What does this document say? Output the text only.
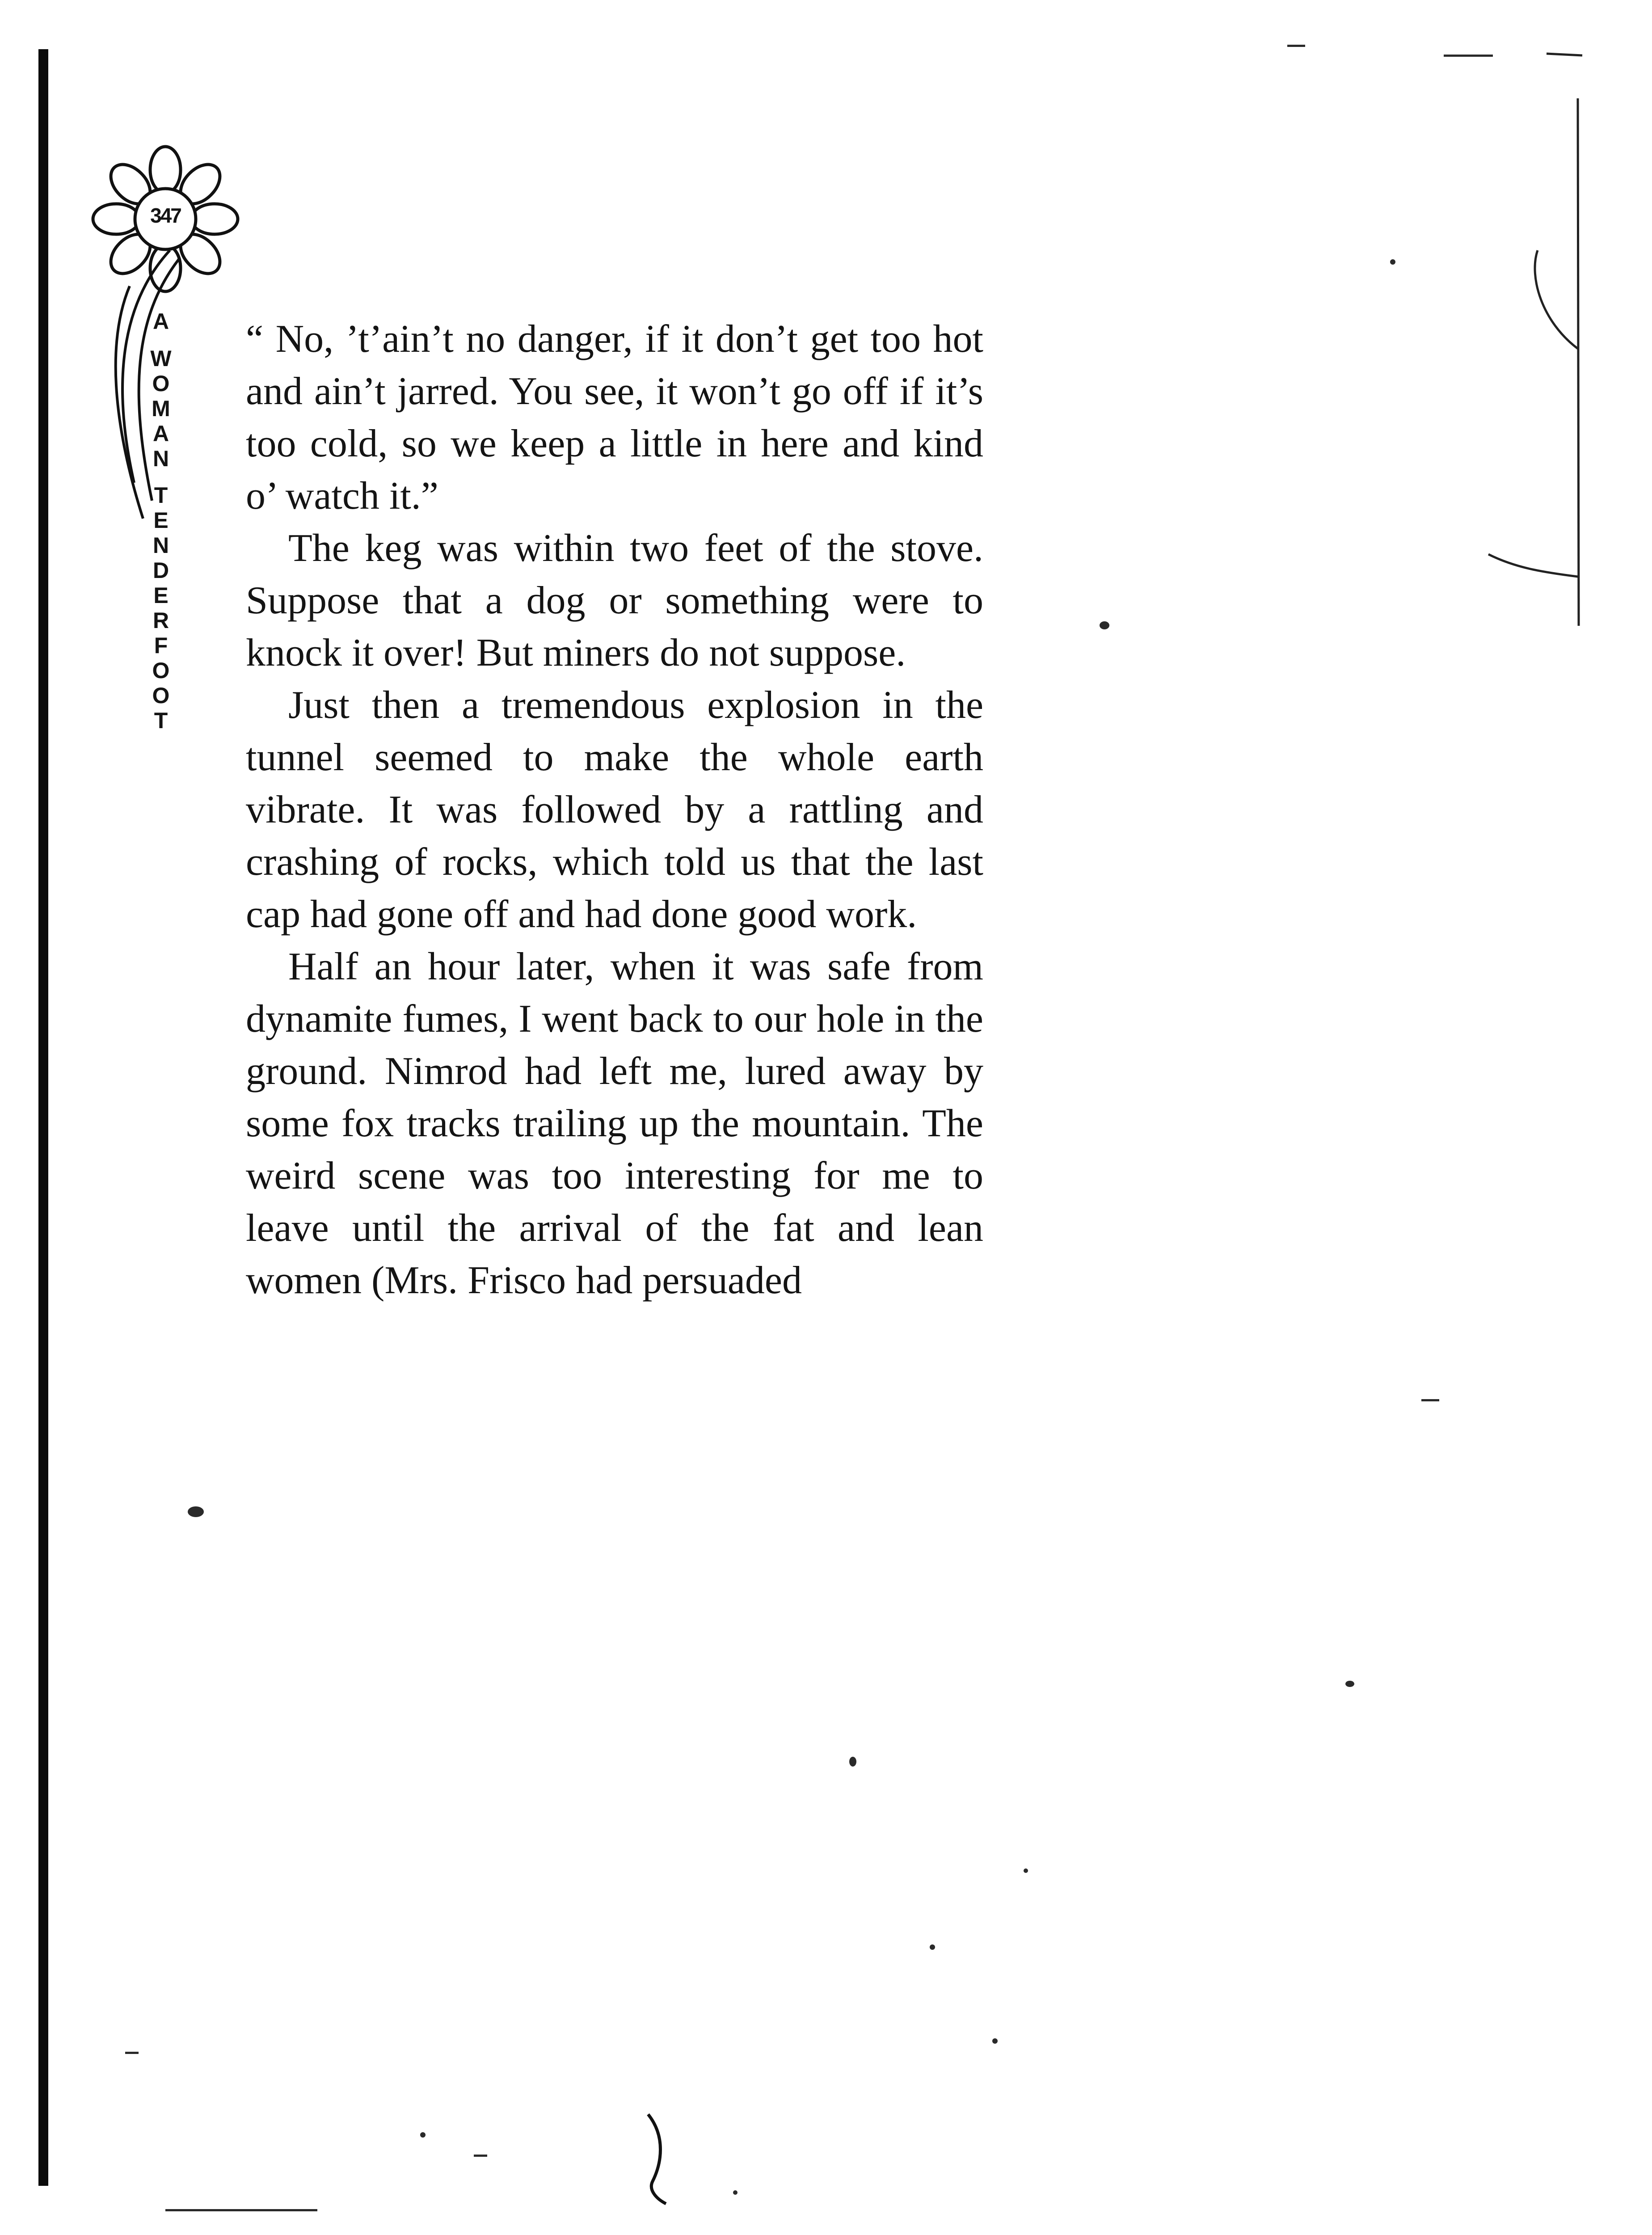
347
A
WOMAN
TENDERFOOT

“ No, ’t’ain’t no danger, if it don’t get too hot and ain’t jarred. You see, it won’t go off if it’s too cold, so we keep a little in here and kind o’ watch it.”

The keg was within two feet of the stove. Suppose that a dog or something were to knock it over! But miners do not suppose.

Just then a tremendous explosion in the tunnel seemed to make the whole earth vibrate. It was followed by a rattling and crashing of rocks, which told us that the last cap had gone off and had done good work.

Half an hour later, when it was safe from dynamite fumes, I went back to our hole in the ground. Nimrod had left me, lured away by some fox tracks trailing up the mountain. The weird scene was too interesting for me to leave until the arrival of the fat and lean women (Mrs. Frisco had persuaded
